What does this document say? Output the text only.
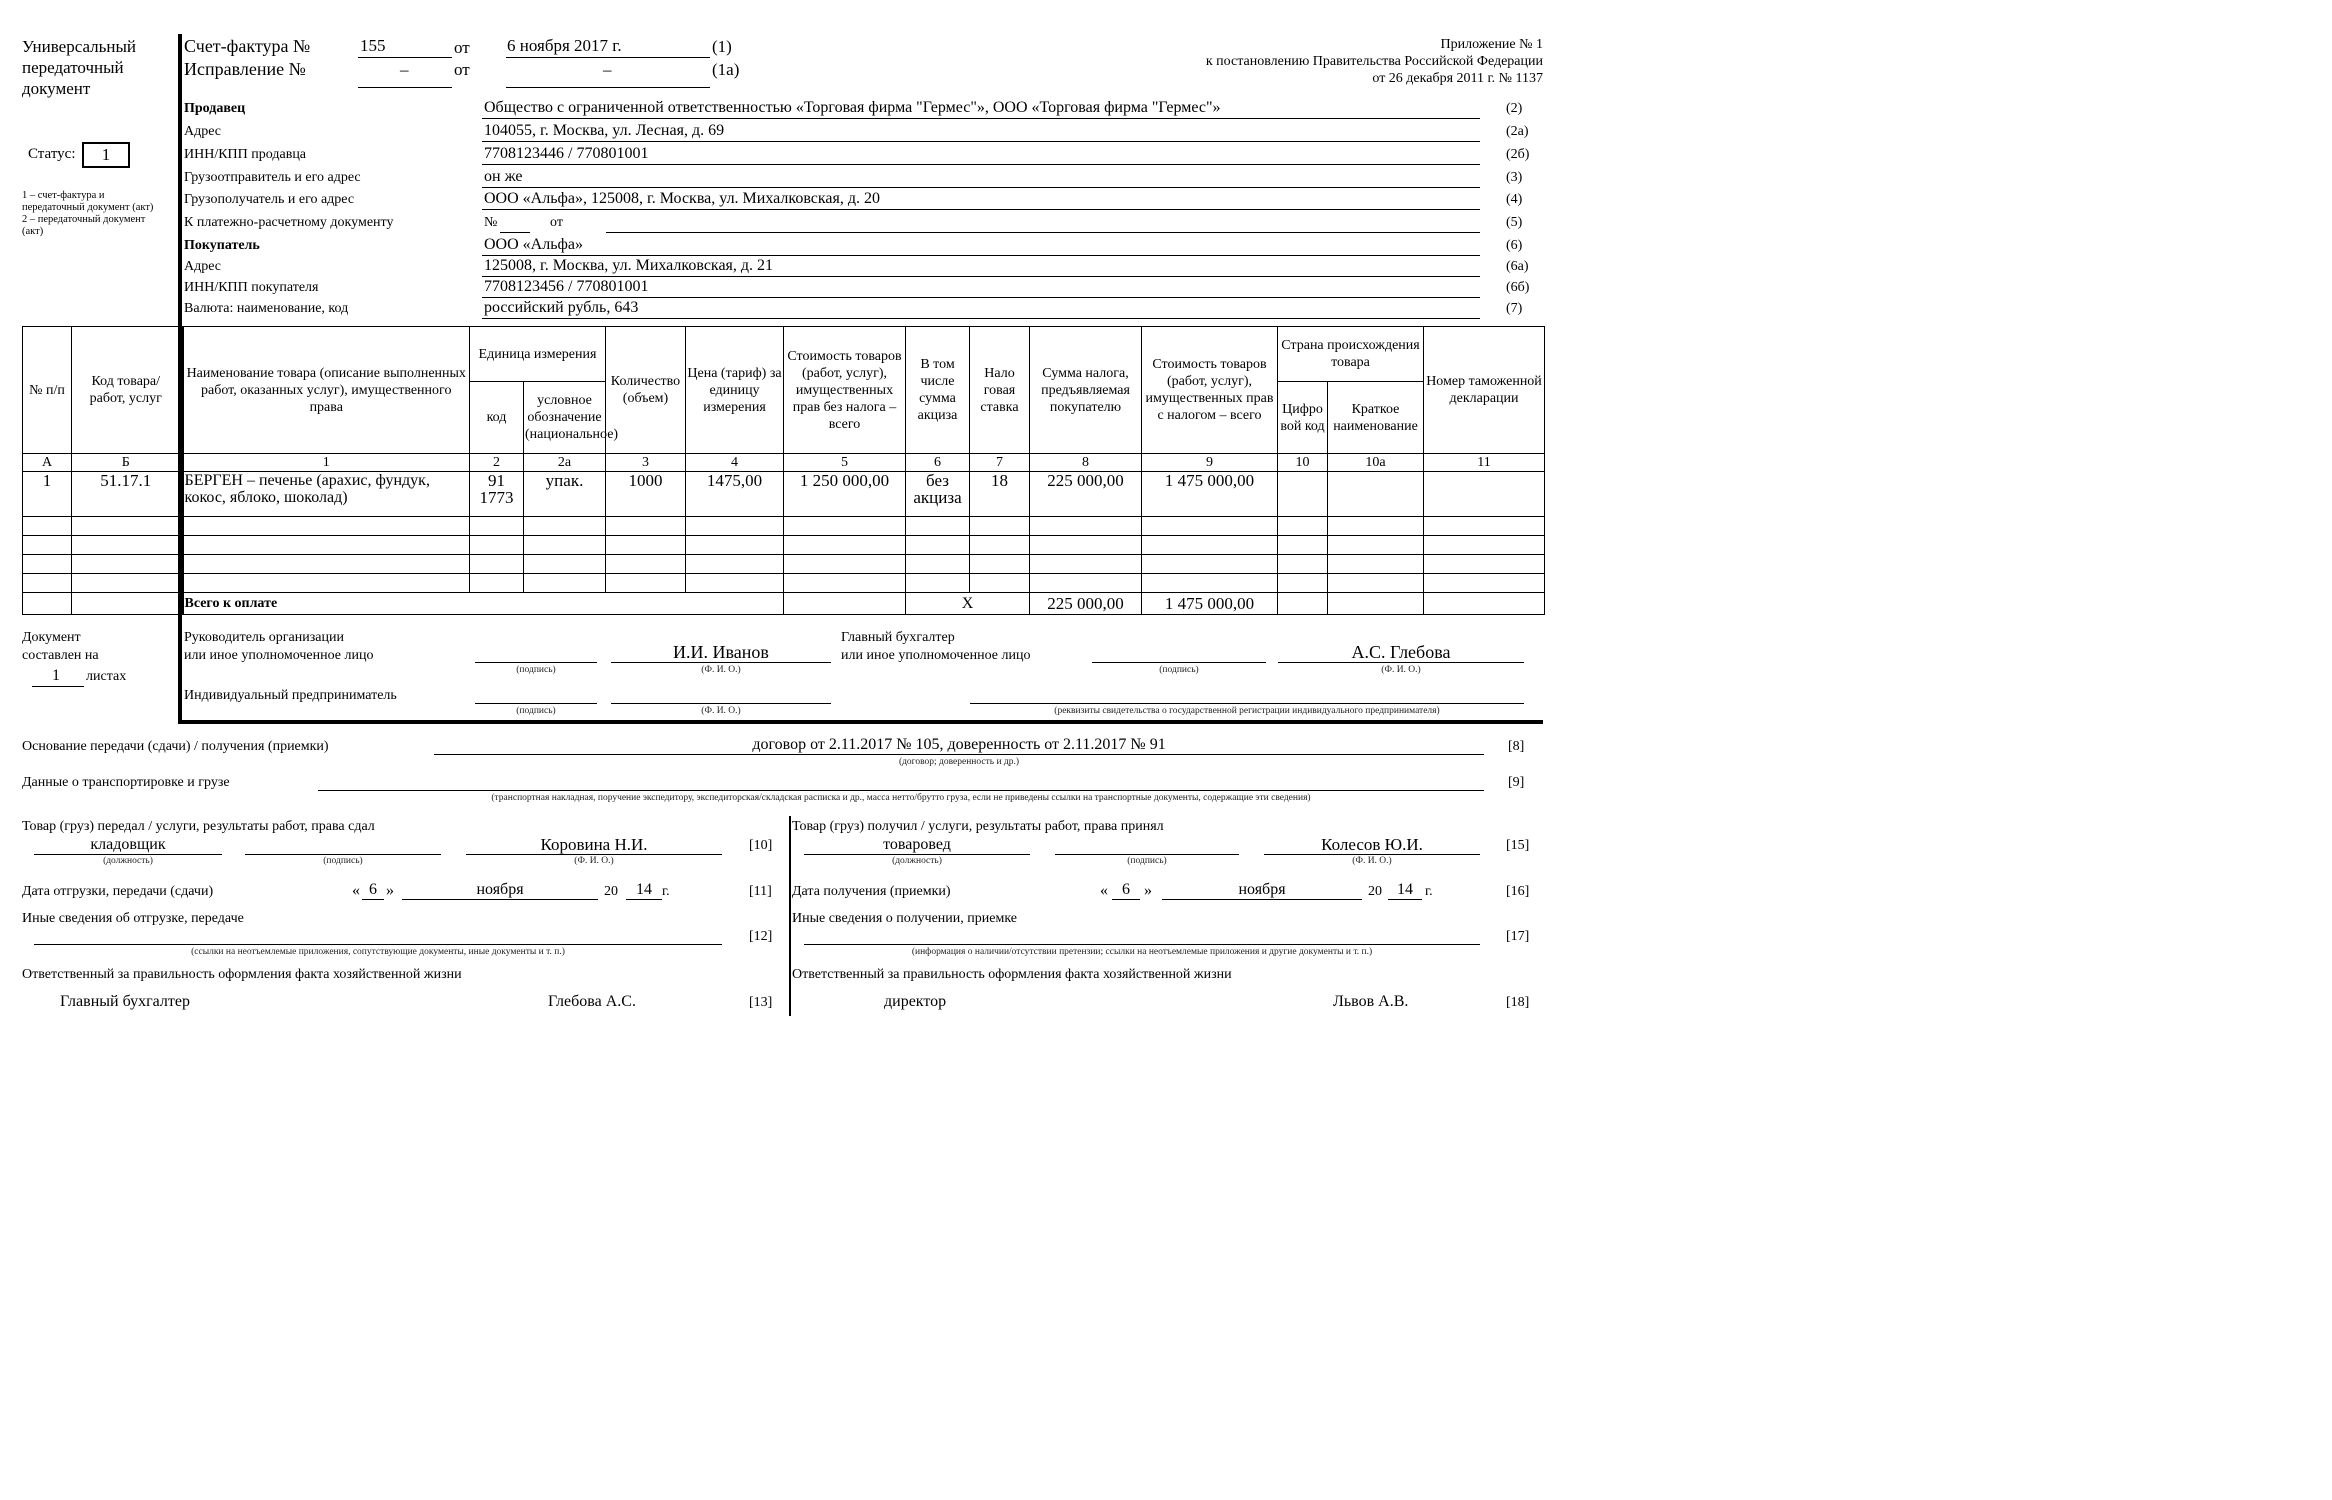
Универсальный
передаточный
документ
Статус:	1
1 – счет-фактура и
передаточный документ (акт)
2 – передаточный документ
(акт)
Счет-фактура №	155	от 6 ноября 2017 г.	(1)
Исправление №	–	от	–	(1а)
Приложение № 1
к постановлению Правительства Российской Федерации
от 26 декабря 2011 г. № 1137
Продавец	Общество с ограниченной ответственностью «Торговая фирма "Гермес"», ООО «Торговая фирма "Гермес"»	(2)
Адрес	104055, г. Москва, ул. Лесная, д. 69	(2а)
ИНН/КПП продавца	7708123446 / 770801001	(2б)
Грузоотправитель и его адрес	он же	(3)
Грузополучатель и его адрес	ООО «Альфа», 125008, г. Москва, ул. Михалковская, д. 20	(4)
К платежно-расчетному документу	№	от	(5)
Покупатель	ООО «Альфа»	(6)
Адрес	125008, г. Москва, ул. Михалковская, д. 21	(6а)
ИНН/КПП покупателя	7708123456 / 770801001	(6б)
Валюта: наименование, код	российский рубль, 643	(7)
№ п/п	Код товара/ работ, услуг	Наименование товара (описание выполненных работ, оказанных услуг), имущественного права	Единица измерения		Количество (объем)	Цена (тариф) за единицу измерения	Стоимость товаров (работ, услуг), имущественных прав без налога – всего	В том числе сумма акциза	Нало говая ставка	Сумма налога, предъявляемая покупателю	Стоимость товаров (работ, услуг), имущественных прав с налогом – всего	Страна происхождения товара		Номер таможенной декларации
			код	условное обозначение (национальное)								Цифро вой код	Краткое наименование	
А	Б	1	2	2а	3	4	5	6	7	8	9	10	10а	11
1	51.17.1	БЕРГЕН – печенье (арахис, фундук, кокос, яблоко, шоколад)	91 1773	упак.	1000	1475,00	1 250 000,00	без акциза	18	225 000,00	1 475 000,00			

		Всего к оплате						Х		225 000,00	1 475 000,00			
Документ
составлен на
1 листах
Руководитель организации
или иное уполномоченное лицо
(подпись)
И.И. Иванов
(Ф. И. О.)
Главный бухгалтер
или иное уполномоченное лицо
(подпись)
А.С. Глебова
(Ф. И. О.)
Индивидуальный предприниматель
(подпись)	(Ф. И. О.)	(реквизиты свидетельства о государственной регистрации индивидуального предпринимателя)
Основание передачи (сдачи) / получения (приемки)	договор от 2.11.2017 № 105, доверенность от 2.11.2017 № 91
(договор; доверенность и др.)
[8]
Данные о транспортировке и грузе
(транспортная накладная, поручение экспедитору, экспедиторская/складская расписка и др., масса нетто/брутто груза, если не приведены ссылки на транспортные документы, содержащие эти сведения)
[9]
Товар (груз) передал / услуги, результаты работ, права сдал
кладовщик
(должность)	(подпись)
Коровина Н.И.
(Ф. И. О.)
[10]
Дата отгрузки, передачи (сдачи)	« 6 »	ноября	20	14 г.	[11]
Иные сведения об отгрузке, передаче
(ссылки на неотъемлемые приложения, сопутствующие документы, иные документы и т. п.)
[12]
Ответственный за правильность оформления факта хозяйственной жизни
Главный бухгалтер	Глебова А.С.	[13]
Товар (груз) получил / услуги, результаты работ, права принял
товаровед
(должность)	(подпись)
Колесов Ю.И.
(Ф. И. О.)
[15]
Дата получения (приемки)	« 6 »	ноября	20 14 г.	[16]
Иные сведения о получении, приемке
(информация о наличии/отсутствии претензии; ссылки на неотъемлемые приложения и другие документы и т. п.)
[17]
Ответственный за правильность оформления факта хозяйственной жизни
директор	Львов А.В.	[18]
